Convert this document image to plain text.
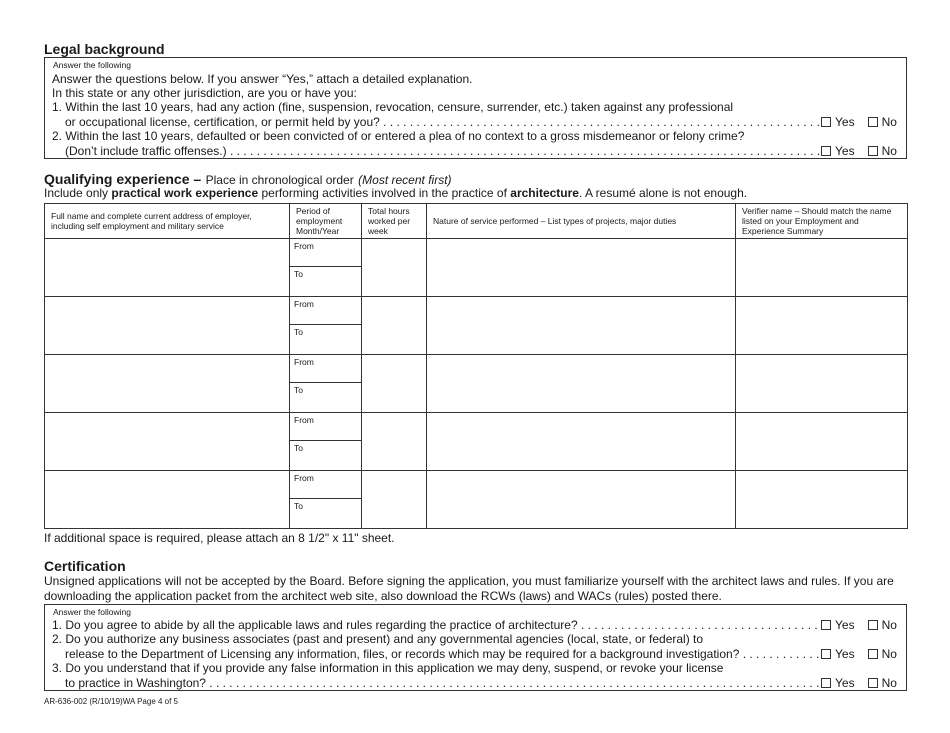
Legal background
Answer the following
Answer the questions below. If you answer “Yes,” attach a detailed explanation.
In this state or any other jurisdiction, are you or have you:
1. Within the last 10 years, had any action (fine, suspension, revocation, censure, surrender, etc.) taken against any professional
or occupational license, certification, or permit held by you? . . .	Yes No
2. Within the last 10 years, defaulted or been convicted of or entered a plea of no context to a gross misdemeanor or felony crime?
(Don’t include traffic offenses.) . . .	Yes No
Qualifying experience – Place in chronological order (Most recent first)
Include only practical work experience performing activities involved in the practice of architecture. A resumé alone is not enough.
Full name and complete current address of employer, including self employment and military service	Period of employment Month/Year	Total hours worked per week	Nature of service performed – List types of projects, major duties	Verifier name – Should match the name listed on your Employment and Experience Summary

	From
To			

	From
To			

	From
To			

	From
To			

	From
To			

If additional space is required, please attach an 8 1/2" x 11" sheet.
Certification
Unsigned applications will not be accepted by the Board. Before signing the application, you must familiarize yourself with the architect laws and rules. If you are
downloading the application packet from the architect web site, also download the RCWs (laws) and WACs (rules) posted there.
Answer the following
1. Do you agree to abide by all the applicable laws and rules regarding the practice of architecture? . . .	Yes No
2. Do you authorize any business associates (past and present) and any governmental agencies (local, state, or federal) to
release to the Department of Licensing any information, files, or records which may be required for a background investigation? . . .	Yes No
3. Do you understand that if you provide any false information in this application we may deny, suspend, or revoke your license
to practice in Washington? . . .	Yes No
AR-636-002 (R/10/19)WA Page 4 of 5
